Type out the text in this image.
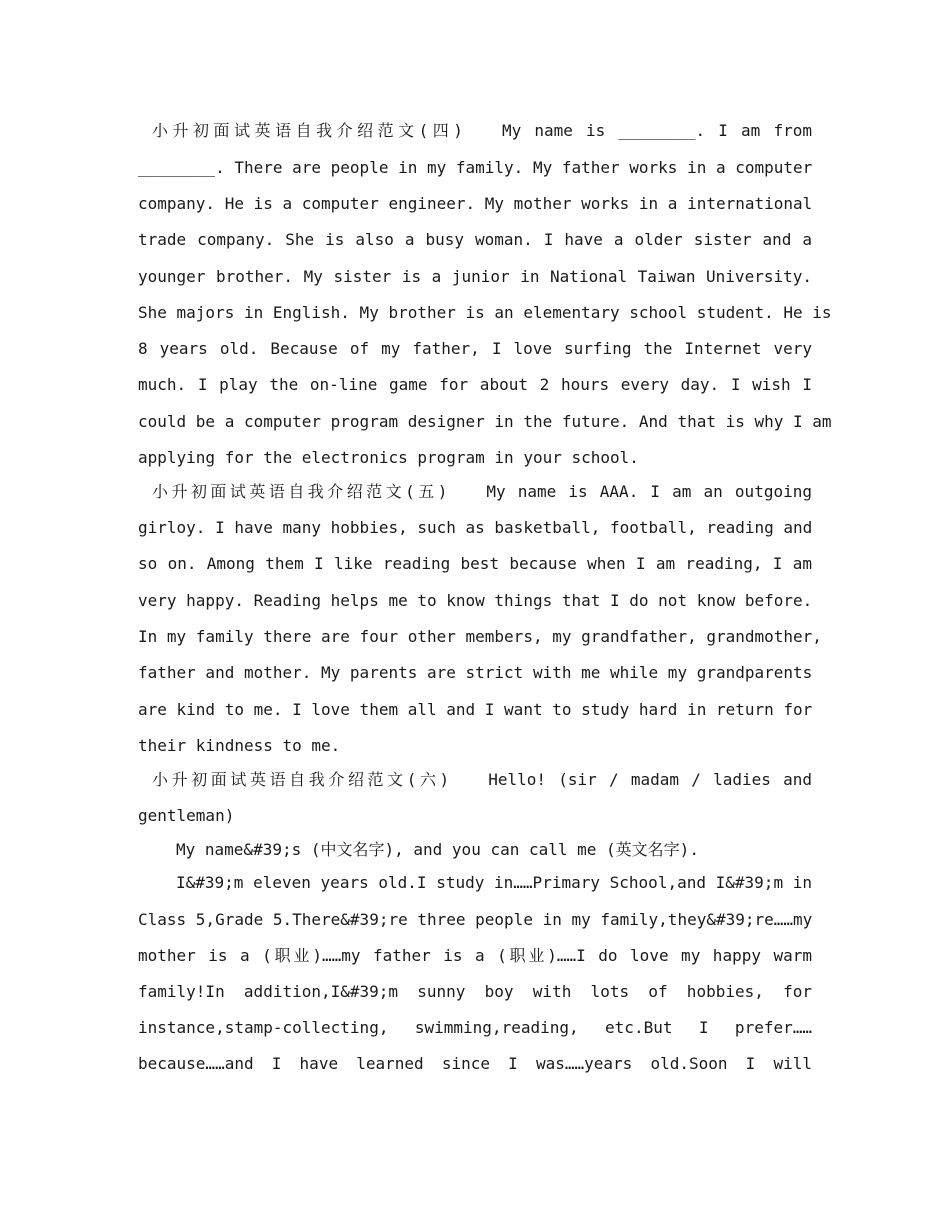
小升初面试英语自我介绍范文(四) My name is ________. I am from
________. There are people in my family. My father works in a computer
company. He is a computer engineer. My mother works in a international
trade company. She is also a busy woman. I have a older sister and a
younger brother. My sister is a junior in National Taiwan University.
She majors in English. My brother is an elementary school student. He is
8 years old. Because of my father, I love surfing the Internet very
much. I play the on-line game for about 2 hours every day. I wish I
could be a computer program designer in the future. And that is why I am
applying for the electronics program in your school.
小升初面试英语自我介绍范文(五) My name is AAA. I am an outgoing
girloy. I have many hobbies, such as basketball, football, reading and
so on. Among them I like reading best because when I am reading, I am
very happy. Reading helps me to know things that I do not know before.
In my family there are four other members, my grandfather, grandmother,
father and mother. My parents are strict with me while my grandparents
are kind to me. I love them all and I want to study hard in return for
their kindness to me.
小升初面试英语自我介绍范文(六) Hello! (sir / madam / ladies and
gentleman)
My name&#39;s (中文名字), and you can call me (英文名字).
I&#39;m eleven years old.I study in……Primary School,and I&#39;m in
Class 5,Grade 5.There&#39;re three people in my family,they&#39;re……my
mother is a (职业)……my father is a (职业)……I do love my happy warm
family!In addition,I&#39;m sunny boy with lots of hobbies, for
instance,stamp-collecting, swimming,reading, etc.But I prefer……
because……and I have learned since I was……years old.Soon I will
